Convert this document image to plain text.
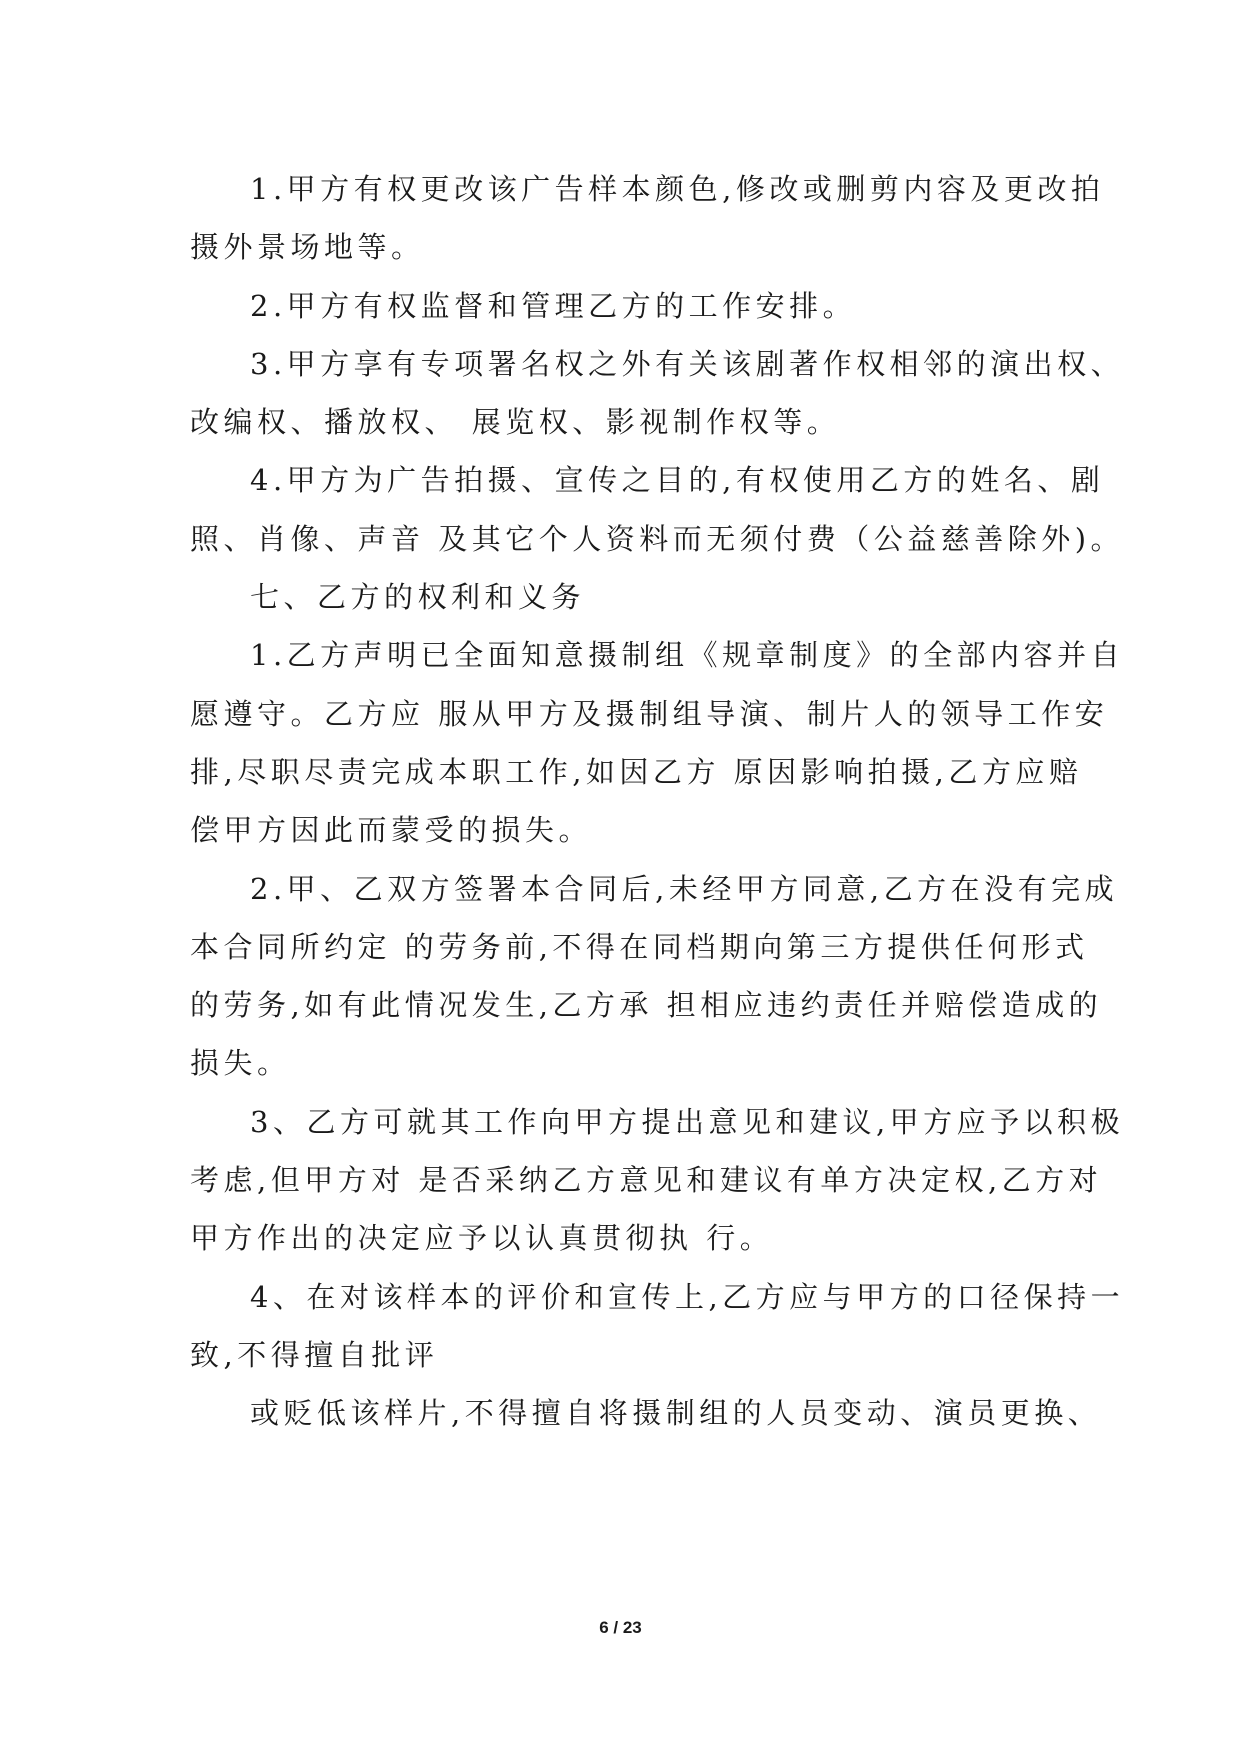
1.甲方有权更改该广告样本颜色,修改或删剪内容及更改拍

摄外景场地等。

2.甲方有权监督和管理乙方的工作安排。

3.甲方享有专项署名权之外有关该剧著作权相邻的演出权、

改编权、播放权、 展览权、影视制作权等。

4.甲方为广告拍摄、宣传之目的,有权使用乙方的姓名、剧

照、肖像、声音 及其它个人资料而无须付费（公益慈善除外)。

七、乙方的权利和义务

1.乙方声明已全面知意摄制组《规章制度》的全部内容并自

愿遵守。乙方应 服从甲方及摄制组导演、制片人的领导工作安

排,尽职尽责完成本职工作,如因乙方 原因影响拍摄,乙方应赔

偿甲方因此而蒙受的损失。

2.甲、乙双方签署本合同后,未经甲方同意,乙方在没有完成

本合同所约定 的劳务前,不得在同档期向第三方提供任何形式

的劳务,如有此情况发生,乙方承 担相应违约责任并赔偿造成的

损失。

3、乙方可就其工作向甲方提出意见和建议,甲方应予以积极

考虑,但甲方对 是否采纳乙方意见和建议有单方决定权,乙方对

甲方作出的决定应予以认真贯彻执 行。

4、在对该样本的评价和宣传上,乙方应与甲方的口径保持一

致,不得擅自批评

或贬低该样片,不得擅自将摄制组的人员变动、演员更换、

6 / 23
